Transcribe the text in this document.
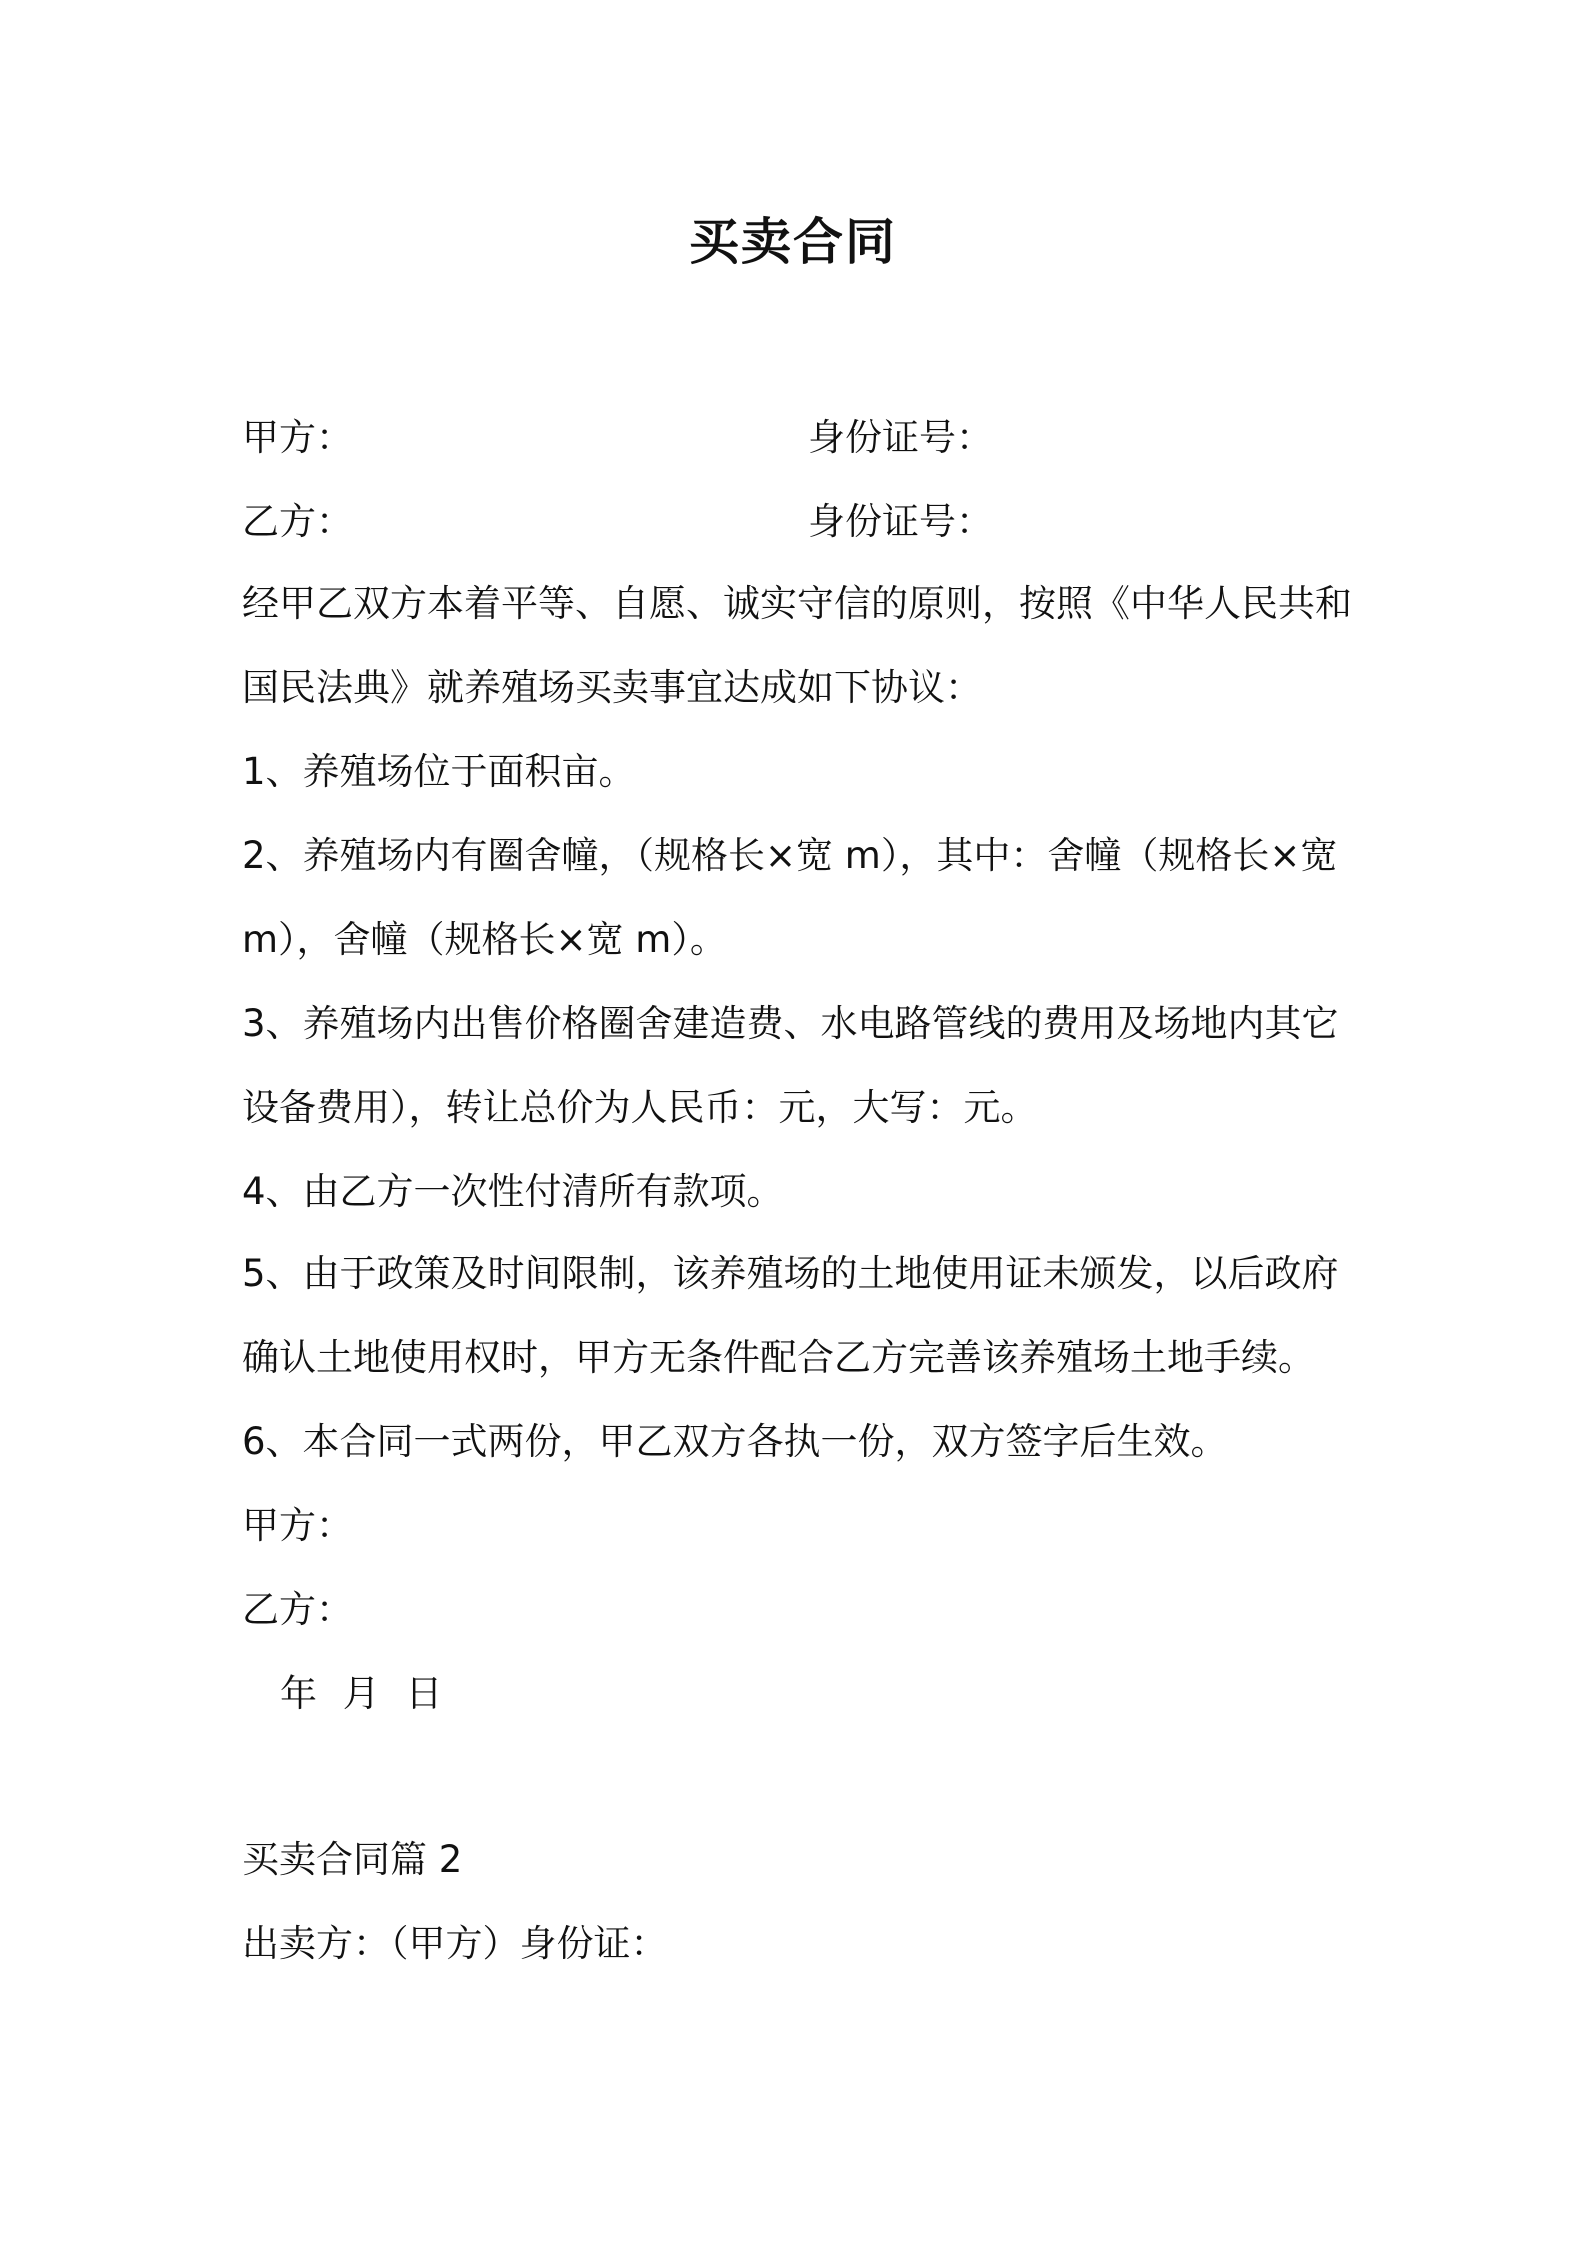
买卖合同
甲方：	身份证号：
乙方：	身份证号：
经甲乙双方本着平等、自愿、诚实守信的原则，按照《中华人民共和
国民法典》就养殖场买卖事宜达成如下协议：
1、养殖场位于面积亩。
2、养殖场内有圈舍幢，（规格长×宽 m），其中：舍幢（规格长×宽
m），舍幢（规格长×宽 m）。
3、养殖场内出售价格圈舍建造费、水电路管线的费用及场地内其它
设备费用），转让总价为人民币：元，大写：元。
4、由乙方一次性付清所有款项。
5、由于政策及时间限制，该养殖场的土地使用证未颁发，以后政府
确认土地使用权时，甲方无条件配合乙方完善该养殖场土地手续。
6、本合同一式两份，甲乙双方各执一份，双方签字后生效。
甲方：
乙方：
年 月 日
买卖合同篇 2
出卖方：（甲方）身份证：
